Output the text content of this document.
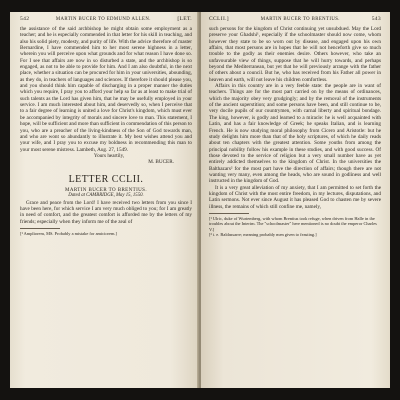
542	MARTIN BUCER TO EDMUND ALLEN.	[LET.

the assistance of the said archbishop he might obtain some employment as a teacher; and he is especially commended in that letter for his skill in teaching, and also his solid piety, modesty, and purity of life. With the advice therefore of master Bernardine, I have commended him to her most serene highness in a letter, wherein you will perceive upon what grounds and for what reason I have done so. For I see that affairs are now in so disturbed a state, and the archbishop is so engaged, as not to be able to provide for him. And I am also doubtful, in the next place, whether a situation can be procured for him in your universities, abounding, as they do, in teachers of languages and sciences. If therefore it should please you, and you should think him capable of discharging in a proper manner the duties which you require, I pray you to afford your help so far as at least to make trial of such talents as the Lord has given him, that he may be usefully employed in your service. I am much interested about him, and deservedly so, when I perceive that to a fair degree of learning is united a love for Christ's kingdom, which must ever be accompanied by integrity of morals and sincere love to man. This statement, I hope, will be sufficient and more than sufficient in commendation of this person to you, who are a preacher of the living-kindness of the Son of God towards man, and who are wont so abundantly to illustrate it. My best wishes attend you and your wife, and I pray you to excuse my boldness in recommending this man to your most serene mistress. Lambeth, Aug. 27, 1549.

Yours heartily,

M. BUCER.

LETTER CCLII.

MARTIN BUCER TO BRENTIUS.

Dated at CAMBRIDGE, May 15, 1550.

Grace and peace from the Lord! I have received two letters from you since I have been here, for which service I am very much obliged to you; for I am greatly in need of comfort, and the greatest comfort is afforded me by the letters of my friends; especially when they inform me of the zeal of

[¹ Ampliorem, MS. Probably a mistake for amiciorem.]

CCLII.]	MARTIN BUCER TO BRENTIUS.	543

such persons for the kingdom of Christ continuing yet unsubdued. May the Lord preserve your Ghadshi¹, especially if the schoolmaster should now come, whom however they state to be so worn out by disease, and engaged upon his own affairs, that most persons are in hopes that he will not henceforth give so much trouble to the godly as their enemies desire. Others however, who take an unfavourable view of things, suppose that he will hurry towards, and perhaps beyond the Mediterranean, but yet that he will previously arrange with the father of others about a council. But he, who has received from his Father all power in heaven and earth, will not leave his children comfortless.

Affairs in this country are in a very feeble state: the people are in want of teachers. Things are for the most part carried on by the means of ordinances, which the majority obey very grudgingly; and by the removal of the instruments of the ancient superstition; and some persons have been, and still continue to be, very docile pupils of our countrymen, with carnal liberty and spiritual bondage. The king, however, is godly and learned to a miracle: he is well acquainted with Latin, and has a fair knowledge of Greek; he speaks Italian, and is learning French. He is now studying moral philosophy from Cicero and Aristotle: but he study delights him more than that of the holy scriptures, of which he daily reads about ten chapters with the greatest attention. Some youths from among the principal nobility follow his example in these studies, and with good success. Of those devoted to the service of religion but a very small number have as yet entirely addicted themselves to the kingdom of Christ. In the universities the Balthazars² for the most part have the direction of affairs; though there are not wanting very many, even among the heads, who are sound in godliness and well instructed in the kingdom of God.

It is a very great alleviation of my anxiety, that I am permitted to set forth the kingdom of Christ with the most entire freedom, in my lectures, disputations, and Latin sermons. Not ever since August it has pleased God to chasten me by severe illness, the remains of which still confine me, namely,

[¹ Ulric, duke of Wurtemberg, with whom Brentius took refuge, when driven from Halle in the troubles about the Interim. The "schoolmaster" here mentioned is no doubt the emperor Charles V.]

[² i. e. Baldassarre; meaning probably men given to feasting.]
